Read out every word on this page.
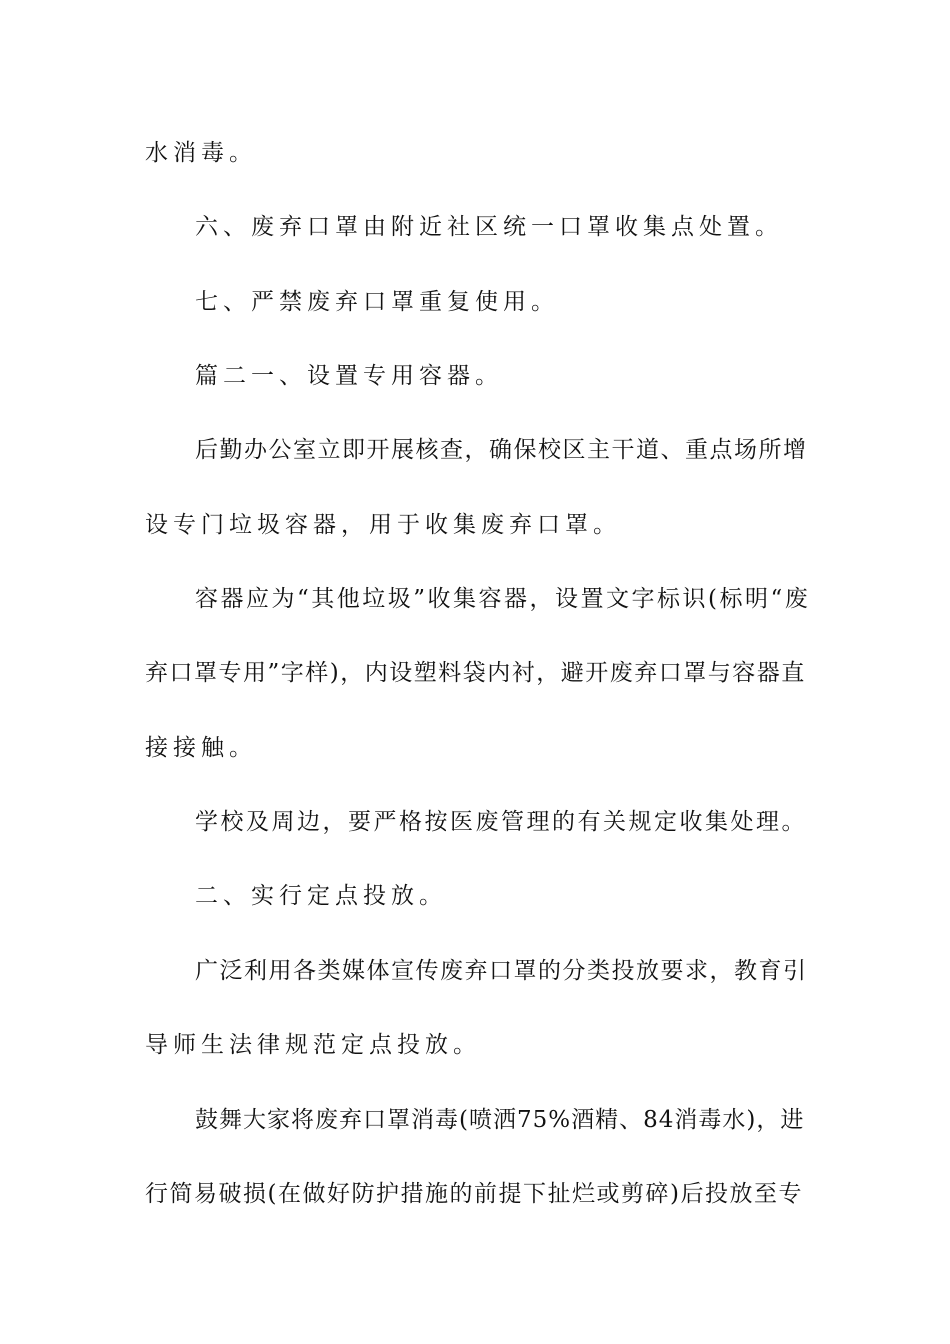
水消毒。
六、废弃口罩由附近社区统一口罩收集点处置。
七、严禁废弃口罩重复使用。
篇二一、设置专用容器。
后勤办公室立即开展核查，确保校区主干道、重点场所增
设专门垃圾容器，用于收集废弃口罩。
容器应为“其他垃圾”收集容器，设置文字标识(标明“废
弃口罩专用”字样)，内设塑料袋内衬，避开废弃口罩与容器直
接接触。
学校及周边，要严格按医废管理的有关规定收集处理。
二、实行定点投放。
广泛利用各类媒体宣传废弃口罩的分类投放要求，教育引
导师生法律规范定点投放。
鼓舞大家将废弃口罩消毒(喷洒75%酒精、84消毒水)，进
行简易破损(在做好防护措施的前提下扯烂或剪碎)后投放至专
